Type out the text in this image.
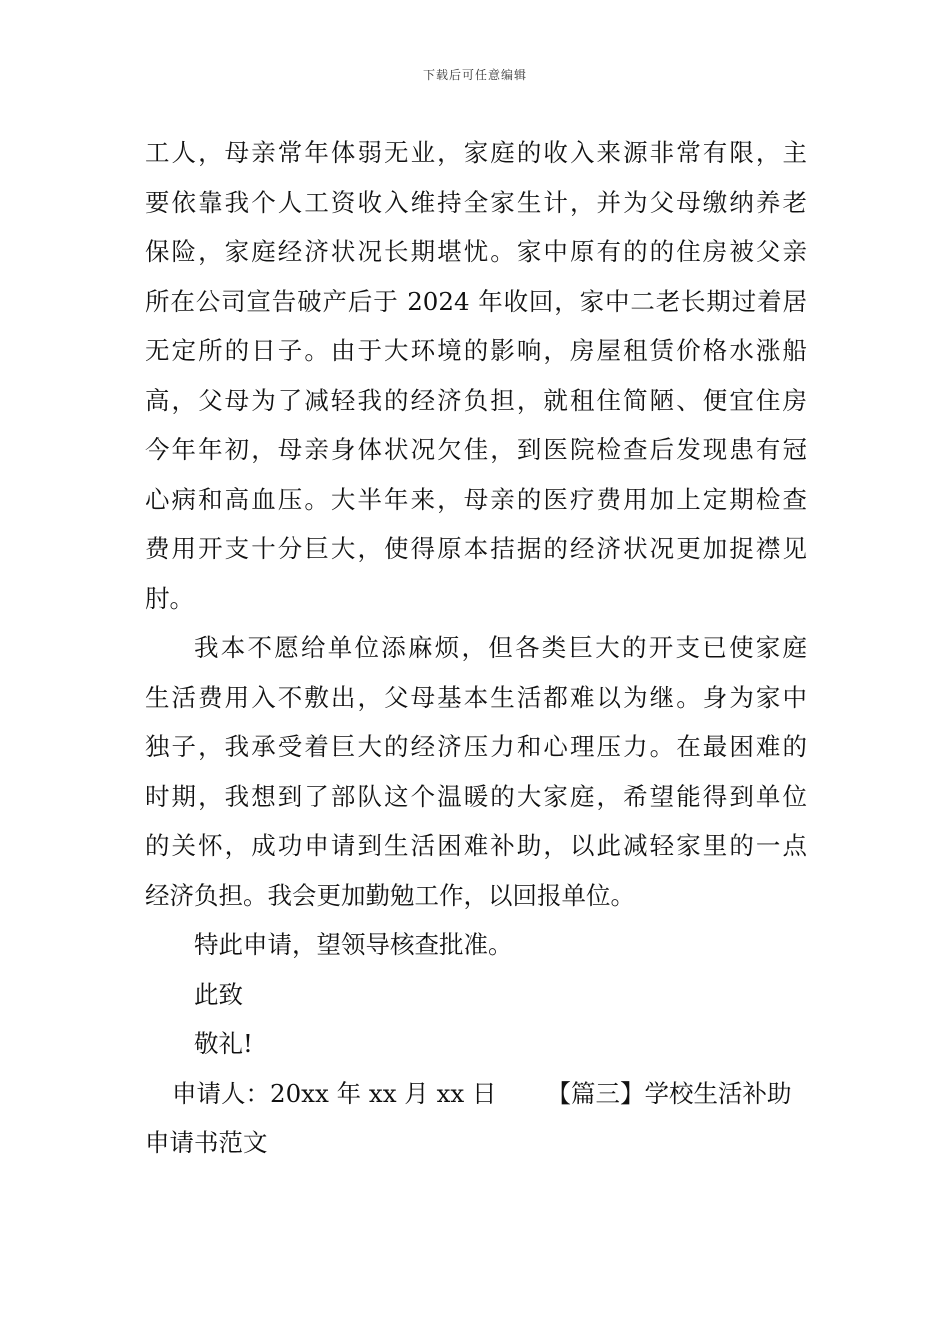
下载后可任意编辑
工人，母亲常年体弱无业，家庭的收入来源非常有限，主
要依靠我个人工资收入维持全家生计，并为父母缴纳养老
保险，家庭经济状况长期堪忧。家中原有的的住房被父亲
所在公司宣告破产后于 2024 年收回，家中二老长期过着居
无定所的日子。由于大环境的影响，房屋租赁价格水涨船
高，父母为了减轻我的经济负担，就租住简陋、便宜住房
今年年初，母亲身体状况欠佳，到医院检查后发现患有冠
心病和高血压。大半年来，母亲的医疗费用加上定期检查
费用开支十分巨大，使得原本拮据的经济状况更加捉襟见
肘。
我本不愿给单位添麻烦，但各类巨大的开支已使家庭
生活费用入不敷出，父母基本生活都难以为继。身为家中
独子，我承受着巨大的经济压力和心理压力。在最困难的
时期，我想到了部队这个温暖的大家庭，希望能得到单位
的关怀，成功申请到生活困难补助，以此减轻家里的一点
经济负担。我会更加勤勉工作，以回报单位。
特此申请，望领导核查批准。
此致
敬礼!
申请人：20xx 年 xx 月 xx 日 【篇三】学校生活补助
申请书范文
